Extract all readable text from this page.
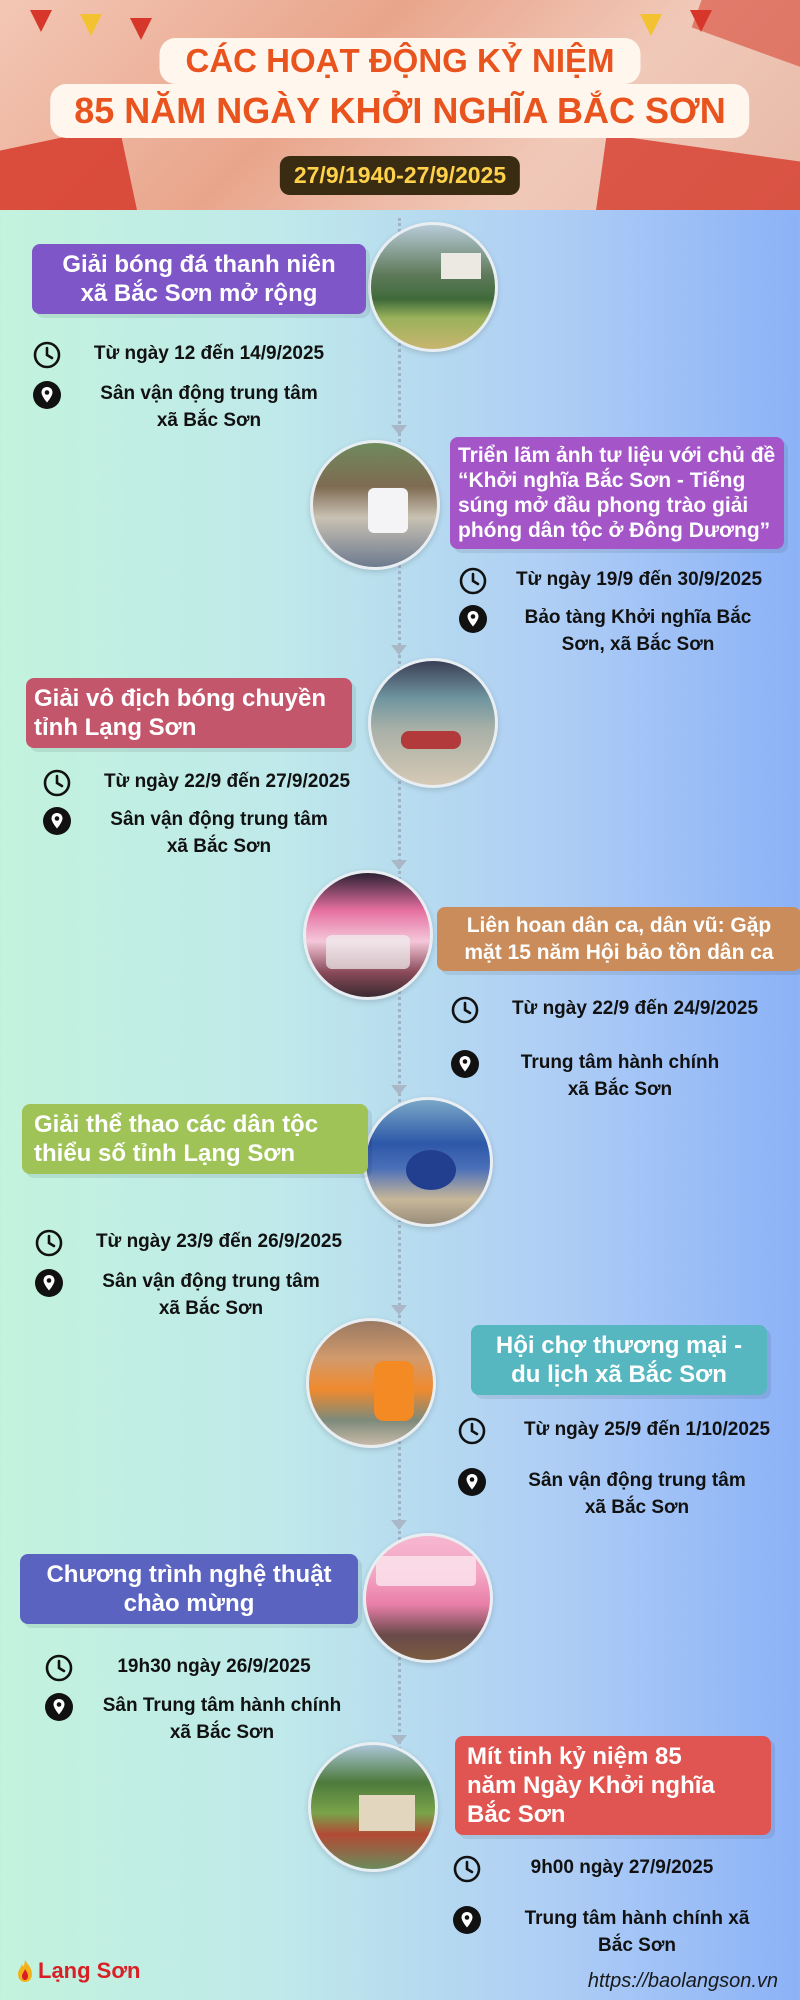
CÁC HOẠT ĐỘNG KỶ NIỆM
85 NĂM NGÀY KHỞI NGHĨA BẮC SƠN
27/9/1940-27/9/2025
Giải bóng đá thanh niên
xã Bắc Sơn mở rộng
Từ ngày 12 đến 14/9/2025
Sân vận động trung tâm
xã Bắc Sơn
Triển lãm ảnh tư liệu với chủ đề
“Khởi nghĩa Bắc Sơn - Tiếng
súng mở đầu phong trào giải
phóng dân tộc ở Đông Dương”
Từ ngày 19/9 đến 30/9/2025
Bảo tàng Khởi nghĩa Bắc
Sơn, xã Bắc Sơn
Giải vô địch bóng chuyền
tỉnh Lạng Sơn
Từ ngày 22/9 đến 27/9/2025
Sân vận động trung tâm
xã Bắc Sơn
Liên hoan dân ca, dân vũ: Gặp
mặt 15 năm Hội bảo tồn dân ca
Từ ngày 22/9 đến 24/9/2025
Trung tâm hành chính
xã Bắc Sơn
Giải thể thao các dân tộc
thiểu số tỉnh Lạng Sơn
Từ ngày 23/9 đến 26/9/2025
Sân vận động trung tâm
xã Bắc Sơn
Hội chợ thương mại -
du lịch xã Bắc Sơn
Từ ngày 25/9 đến 1/10/2025
Sân vận động trung tâm
xã Bắc Sơn
Chương trình nghệ thuật
chào mừng
19h30 ngày 26/9/2025
Sân Trung tâm hành chính
xã Bắc Sơn
Mít tinh kỷ niệm 85
năm Ngày Khởi nghĩa
Bắc Sơn
9h00 ngày 27/9/2025
Trung tâm hành chính xã
Bắc Sơn
Lạng Sơn	https://baolangson.vn
